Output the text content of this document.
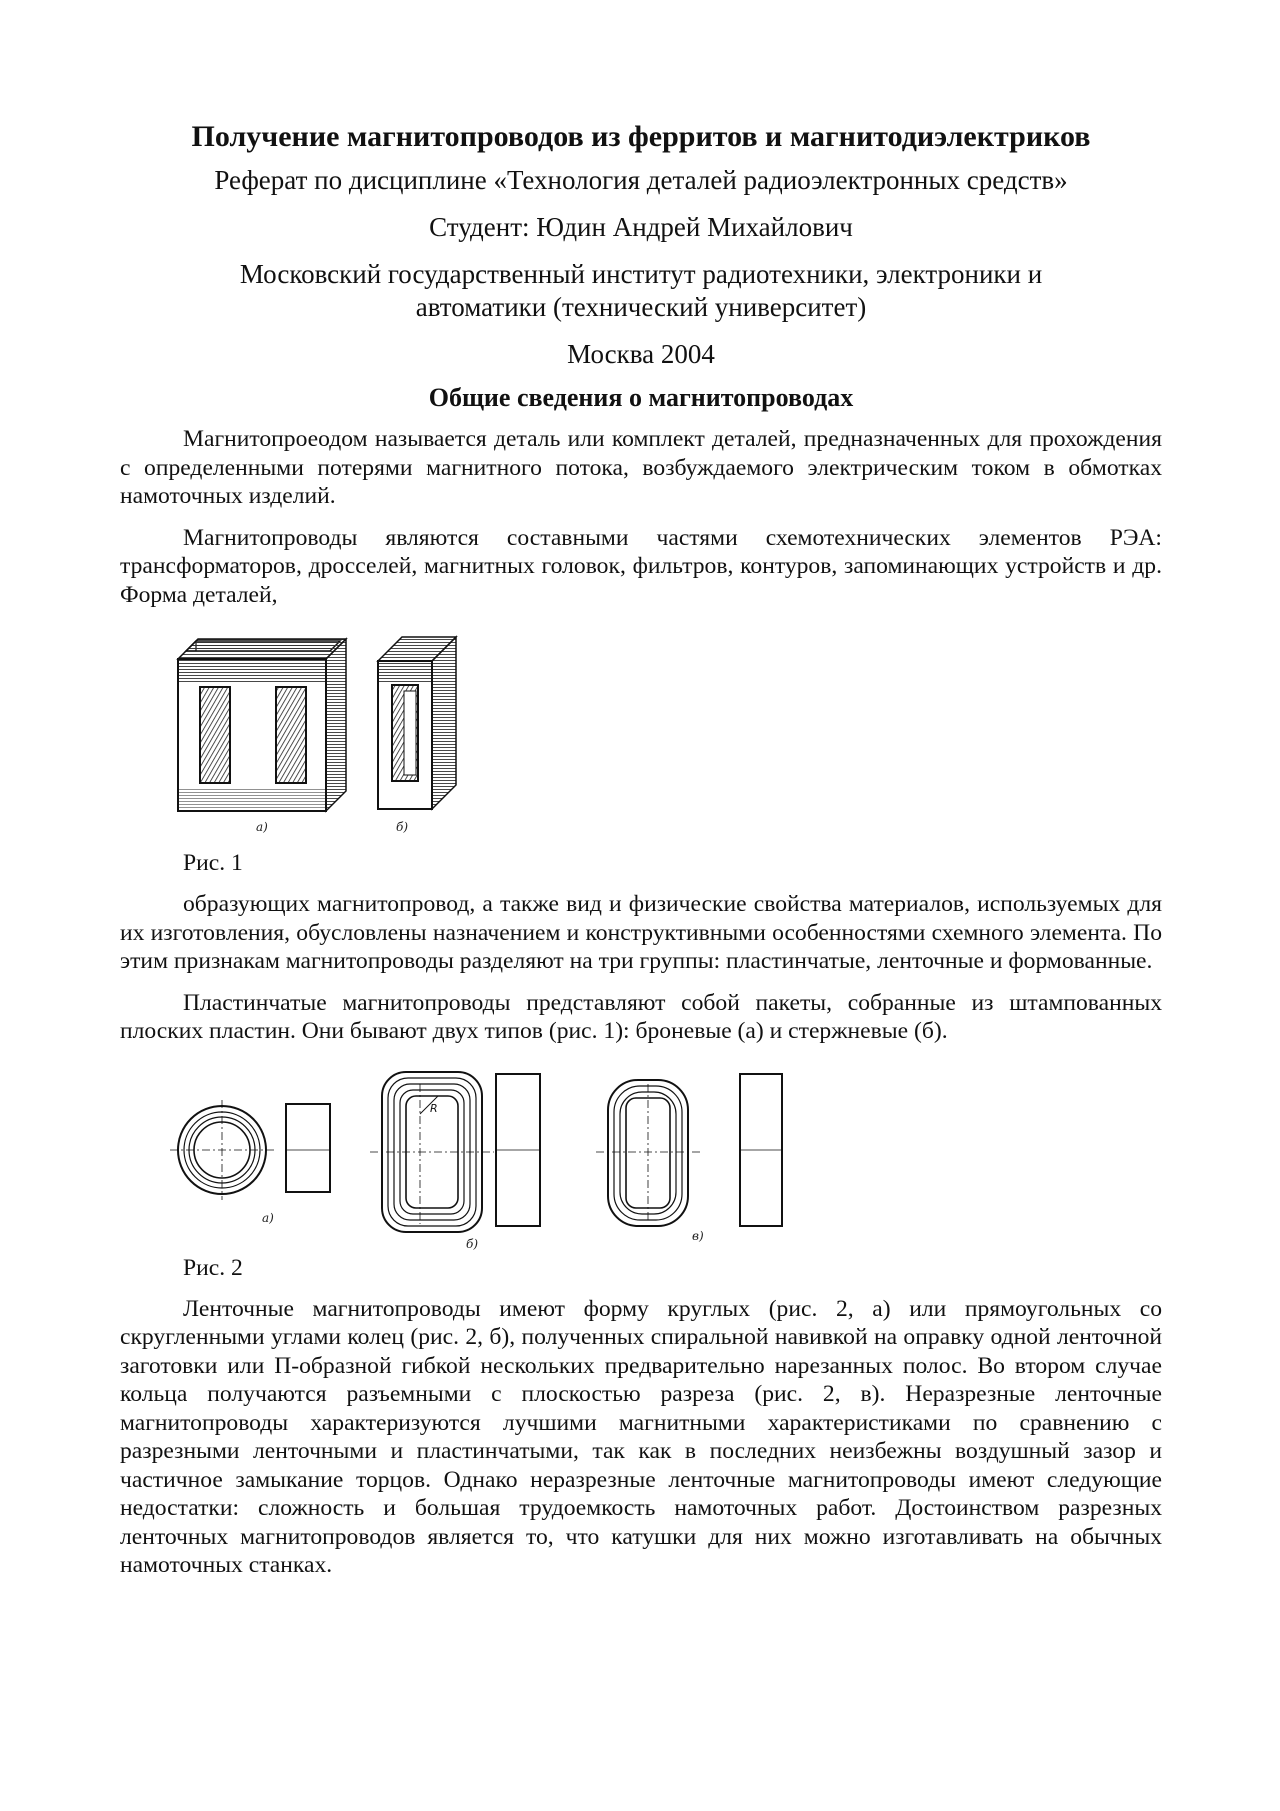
Получение магнитопроводов из ферритов и магнитодиэлектриков

Реферат по дисциплине «Технология деталей радиоэлектронных средств»

Студент: Юдин Андрей Михайлович

Московский государственный институт радиотехники, электроники и

автоматики (технический университет)

Москва 2004

Общие сведения о магнитопроводах

Магнитопроеодом называется деталь или комплект деталей, предназначенных для прохождения с определенными потерями магнитного потока, возбуждаемого электрическим током в обмотках намоточных изделий.

Магнитопроводы являются составными частями схемотехнических элементов РЭА: трансформаторов, дросселей, магнитных головок, фильтров, контуров, запоминающих устройств и др. Форма деталей,

a)	б)

Рис. 1

образующих магнитопровод, а также вид и физические свойства материалов, используемых для их изготовления, обусловлены назначением и конструктивными особенностями схемного элемента. По этим признакам магнитопроводы разделяют на три группы: пластинчатые, ленточные и формованные.

Пластинчатые магнитопроводы представляют собой пакеты, собранные из штампованных плоских пластин. Они бывают двух типов (рис. 1): броневые (а) и стержневые (б).

R
a)
б)
в)

Рис. 2

Ленточные магнитопроводы имеют форму круглых (рис. 2, а) или прямоугольных со скругленными углами колец (рис. 2, б), полученных спиральной навивкой на оправку одной ленточной заготовки или П-образной гибкой нескольких предварительно нарезанных полос. Во втором случае кольца получаются разъемными с плоскостью разреза (рис. 2, в). Неразрезные ленточные магнитопроводы характеризуются лучшими магнитными характеристиками по сравнению с разрезными ленточными и пластинчатыми, так как в последних неизбежны воздушный зазор и частичное замыкание торцов. Однако неразрезные ленточные магнитопроводы имеют следующие недостатки: сложность и большая трудоемкость намоточных работ. Достоинством разрезных ленточных магнитопроводов является то, что катушки для них можно изготавливать на обычных намоточных станках.
